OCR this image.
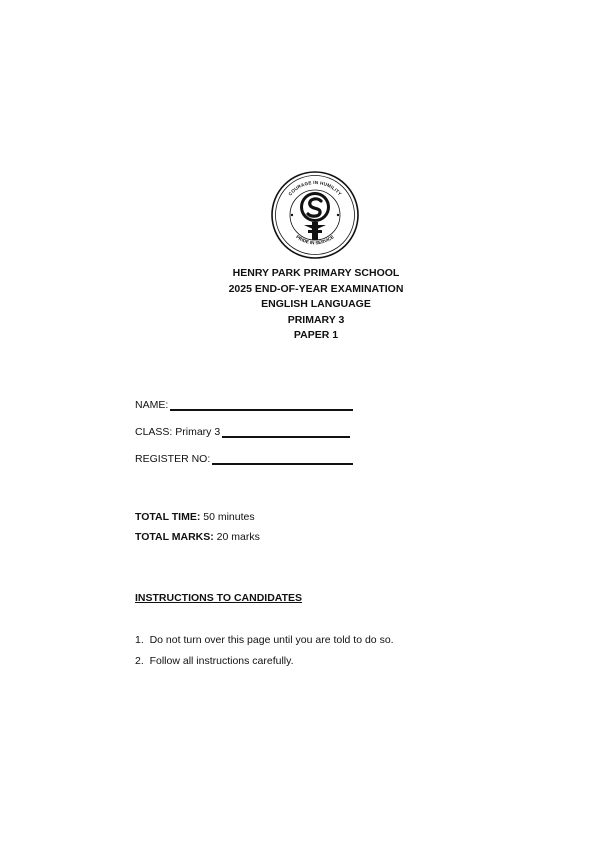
COURAGE IN HUMILITY
PRIDE IN SERVICE
HENRY PARK PRIMARY SCHOOL
2025 END-OF-YEAR EXAMINATION
ENGLISH LANGUAGE
PRIMARY 3
PAPER 1
NAME:
CLASS: Primary 3
REGISTER NO:
TOTAL TIME: 50 minutes
TOTAL MARKS: 20 marks
INSTRUCTIONS TO CANDIDATES
1.  Do not turn over this page until you are told to do so.
2.  Follow all instructions carefully.
